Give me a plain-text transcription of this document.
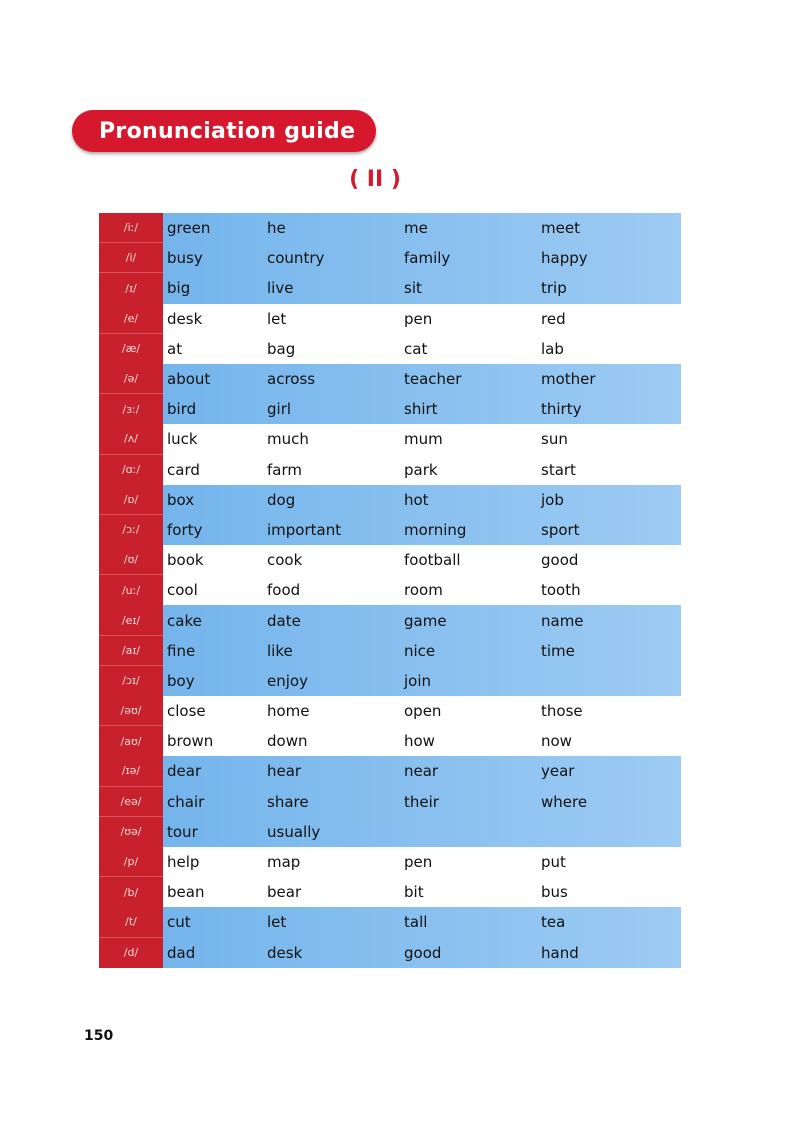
Pronunciation guide
( II )
/iː/	green	he	me	meet
/i/	busy	country	family	happy
/ɪ/	big	live	sit	trip
/e/	desk	let	pen	red
/æ/	at	bag	cat	lab
/ə/	about	across	teacher	mother
/ɜː/	bird	girl	shirt	thirty
/ʌ/	luck	much	mum	sun
/ɑː/	card	farm	park	start
/ɒ/	box	dog	hot	job
/ɔː/	forty	important	morning	sport
/ʊ/	book	cook	football	good
/uː/	cool	food	room	tooth
/eɪ/	cake	date	game	name
/aɪ/	fine	like	nice	time
/ɔɪ/	boy	enjoy	join
/əʊ/	close	home	open	those
/aʊ/	brown	down	how	now
/ɪə/	dear	hear	near	year
/eə/	chair	share	their	where
/ʊə/	tour	usually
/p/	help	map	pen	put
/b/	bean	bear	bit	bus
/t/	cut	let	tall	tea
/d/	dad	desk	good	hand
150
